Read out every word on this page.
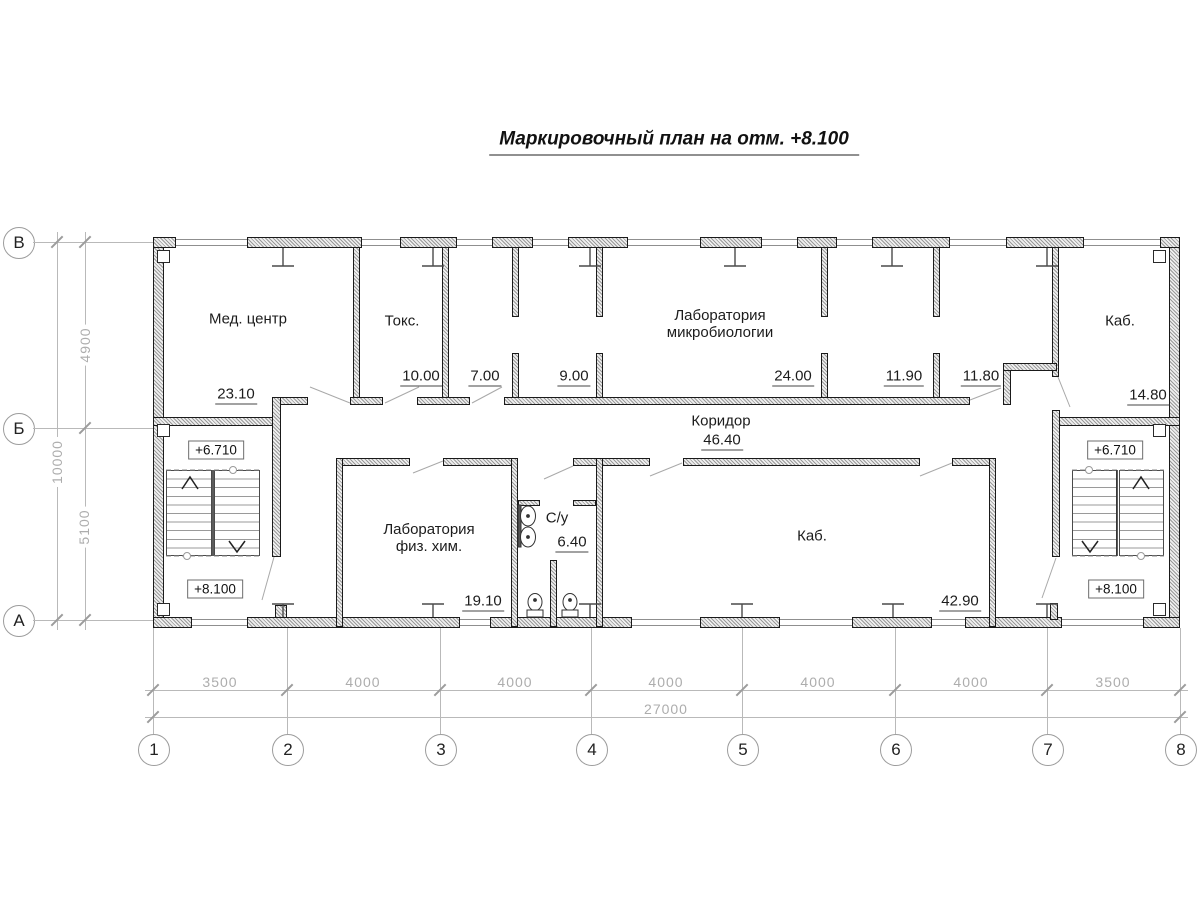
Маркировочный план на отм. +8.100
В
Б
А
4900
5100
10000
3500	4000	4000	4000	4000	4000	3500
27000
1	2	3	4	5	6	7	8
Мед. центр
23.10
Токс.
10.00 7.00	9.00
Лаборатория микробиологии
24.00	11.90	11.80
Каб.
14.80
Коридор
46.40
Лаборатория физ. хим.
19.10
С/у
6.40	Каб.
42.90
+6.710
+8.100
+6.710
+8.100
